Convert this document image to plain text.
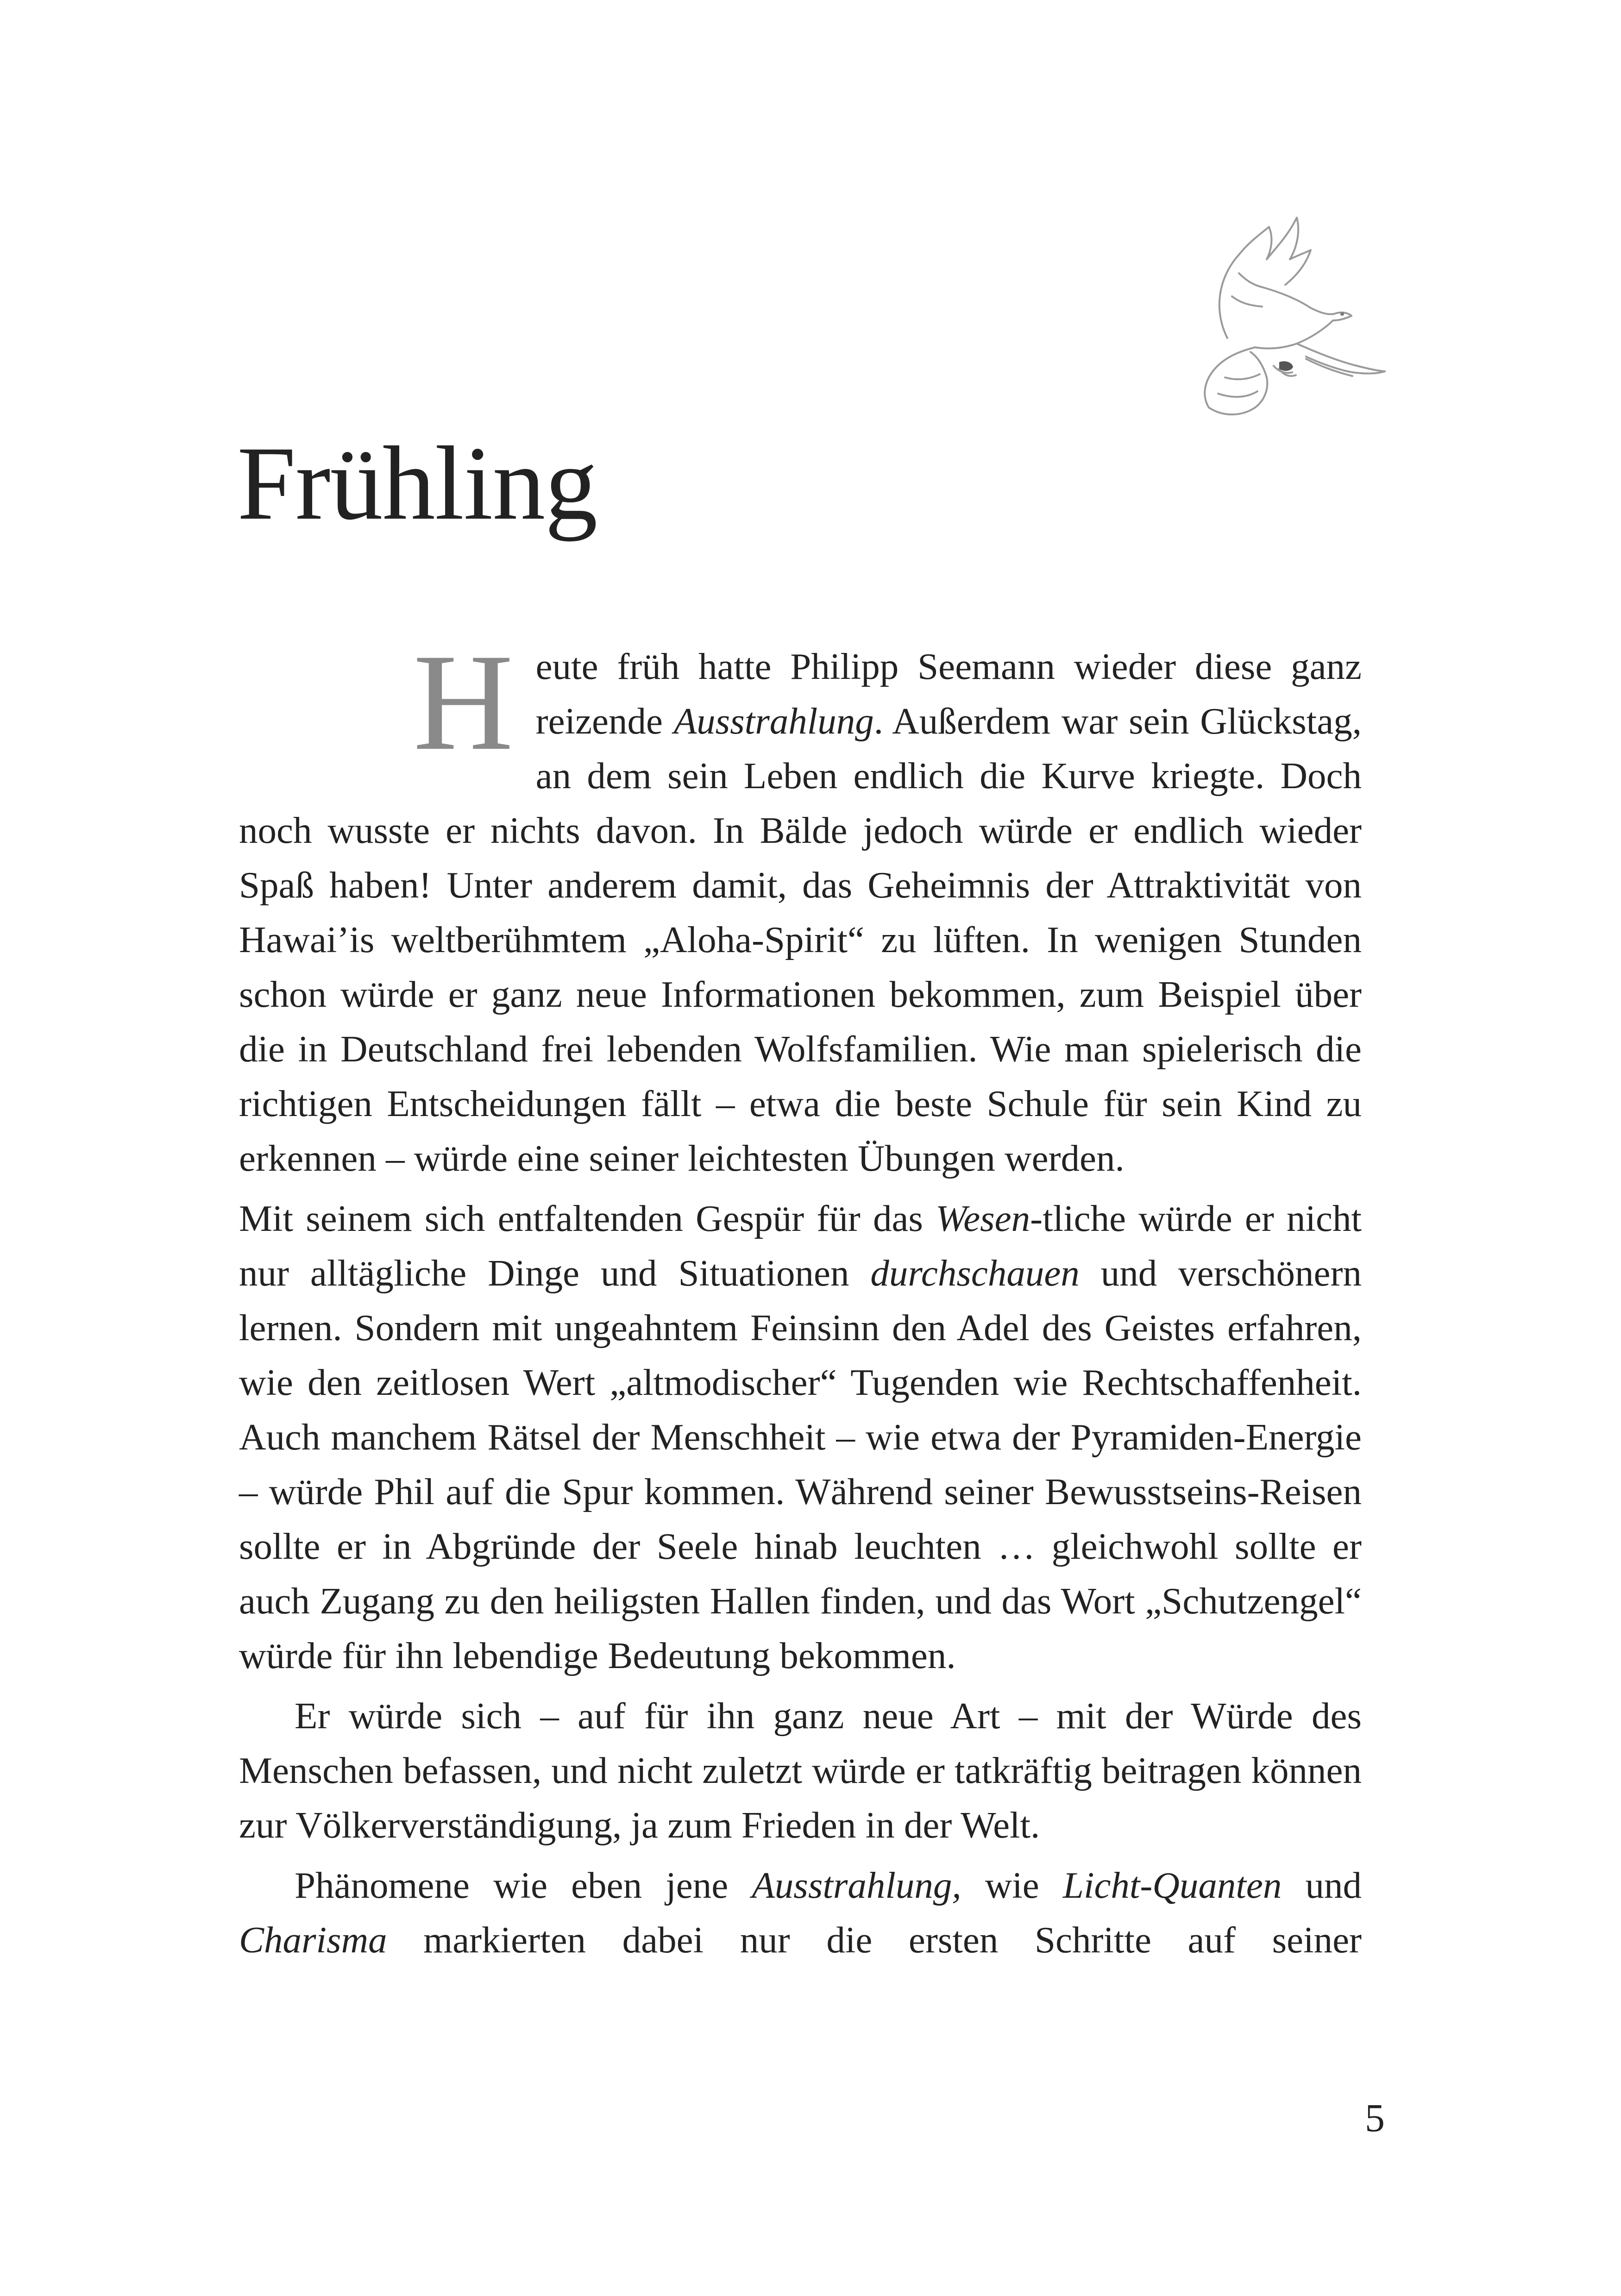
Frühling

Heute früh hatte Philipp Seemann wieder diese ganz reizende Ausstrahlung. Außerdem war sein Glückstag, an dem sein Leben endlich die Kurve kriegte. Doch noch wusste er nichts davon. In Bälde jedoch würde er endlich wieder Spaß haben! Unter anderem damit, das Geheimnis der Attraktivität von Hawai’is weltberühmtem „Aloha-Spirit“ zu lüften. In wenigen Stunden schon würde er ganz neue Informationen bekommen, zum Beispiel über die in Deutschland frei lebenden Wolfsfamilien. Wie man spielerisch die richtigen Entscheidungen fällt – etwa die beste Schule für sein Kind zu erkennen – würde eine seiner leichtesten Übungen werden.

Mit seinem sich entfaltenden Gespür für das Wesen-tliche würde er nicht nur alltägliche Dinge und Situationen durchschauen und verschönern lernen. Sondern mit ungeahntem Feinsinn den Adel des Geistes erfahren, wie den zeitlosen Wert „altmodischer“ Tugenden wie Rechtschaffenheit. Auch manchem Rätsel der Menschheit – wie etwa der Pyramiden-Energie – würde Phil auf die Spur kommen. Während seiner Bewusstseins-Reisen sollte er in Abgründe der Seele hinab leuchten … gleichwohl sollte er auch Zugang zu den heiligsten Hallen finden, und das Wort „Schutzengel“ würde für ihn lebendige Bedeutung bekommen.

Er würde sich – auf für ihn ganz neue Art – mit der Würde des Menschen befassen, und nicht zuletzt würde er tatkräftig beitragen können zur Völkerverständigung, ja zum Frieden in der Welt.

Phänomene wie eben jene Ausstrahlung, wie Licht-Quanten und Charisma markierten dabei nur die ersten Schritte auf seiner

5
